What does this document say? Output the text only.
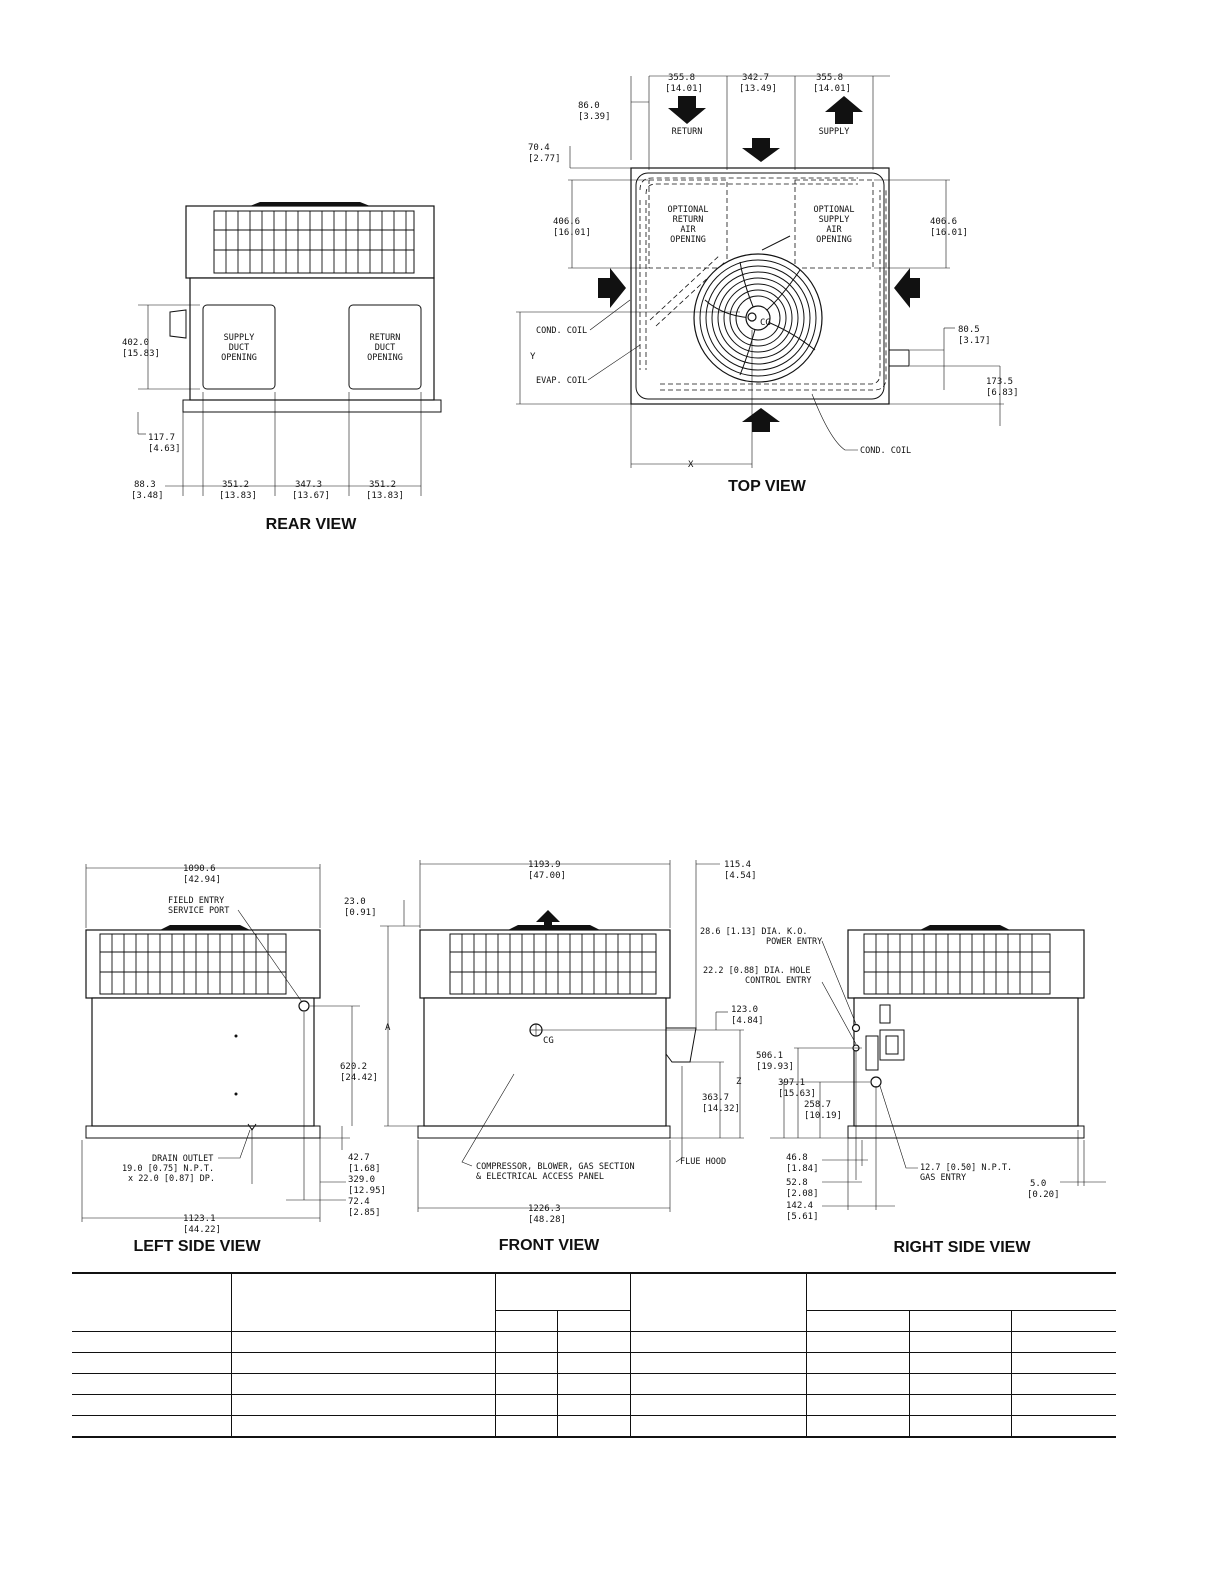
SUPPLY
DUCT
OPENING
RETURN
DUCT
OPENING
402.0
[15.83]
117.7
[4.63]
88.3
[3.48]
351.2
[13.83]
347.3
[13.67]
351.2
[13.83]
REAR VIEW
OPTIONAL
RETURN
AIR
OPENING
OPTIONAL
SUPPLY
AIR
OPENING
CG
RETURN	SUPPLY
355.8
[14.01]
342.7
[13.49]
355.8
[14.01]
86.0
[3.39]
70.4
[2.77]
406.6
[16.01]
406.6
[16.01]
80.5
[3.17]
173.5
[6.83]
Y
X
COND. COIL
EVAP. COIL
COND. COIL
TOP VIEW
1090.6
[42.94]
FIELD ENTRY
SERVICE PORT
620.2
[24.42]
42.7
[1.68]
329.0
[12.95]
72.4
[2.85]
DRAIN OUTLET
19.0 [0.75] N.P.T.
x 22.0 [0.87] DP.
1123.1
[44.22]
LEFT SIDE VIEW
CG
1193.9
[47.00]
115.4
[4.54]
23.0
[0.91]
A
123.0
[4.84]
Z
363.7
[14.32]
FLUE HOOD
COMPRESSOR, BLOWER, GAS SECTION
& ELECTRICAL ACCESS PANEL
1226.3
[48.28]
FRONT VIEW
28.6 [1.13] DIA. K.O.
POWER ENTRY
22.2 [0.88] DIA. HOLE
CONTROL ENTRY
506.1
[19.93]
397.1
[15.63]
258.7
[10.19]
46.8
[1.84]
52.8
[2.08]
142.4
[5.61]
12.7 [0.50] N.P.T.
GAS ENTRY
5.0
[0.20]
RIGHT SIDE VIEW
